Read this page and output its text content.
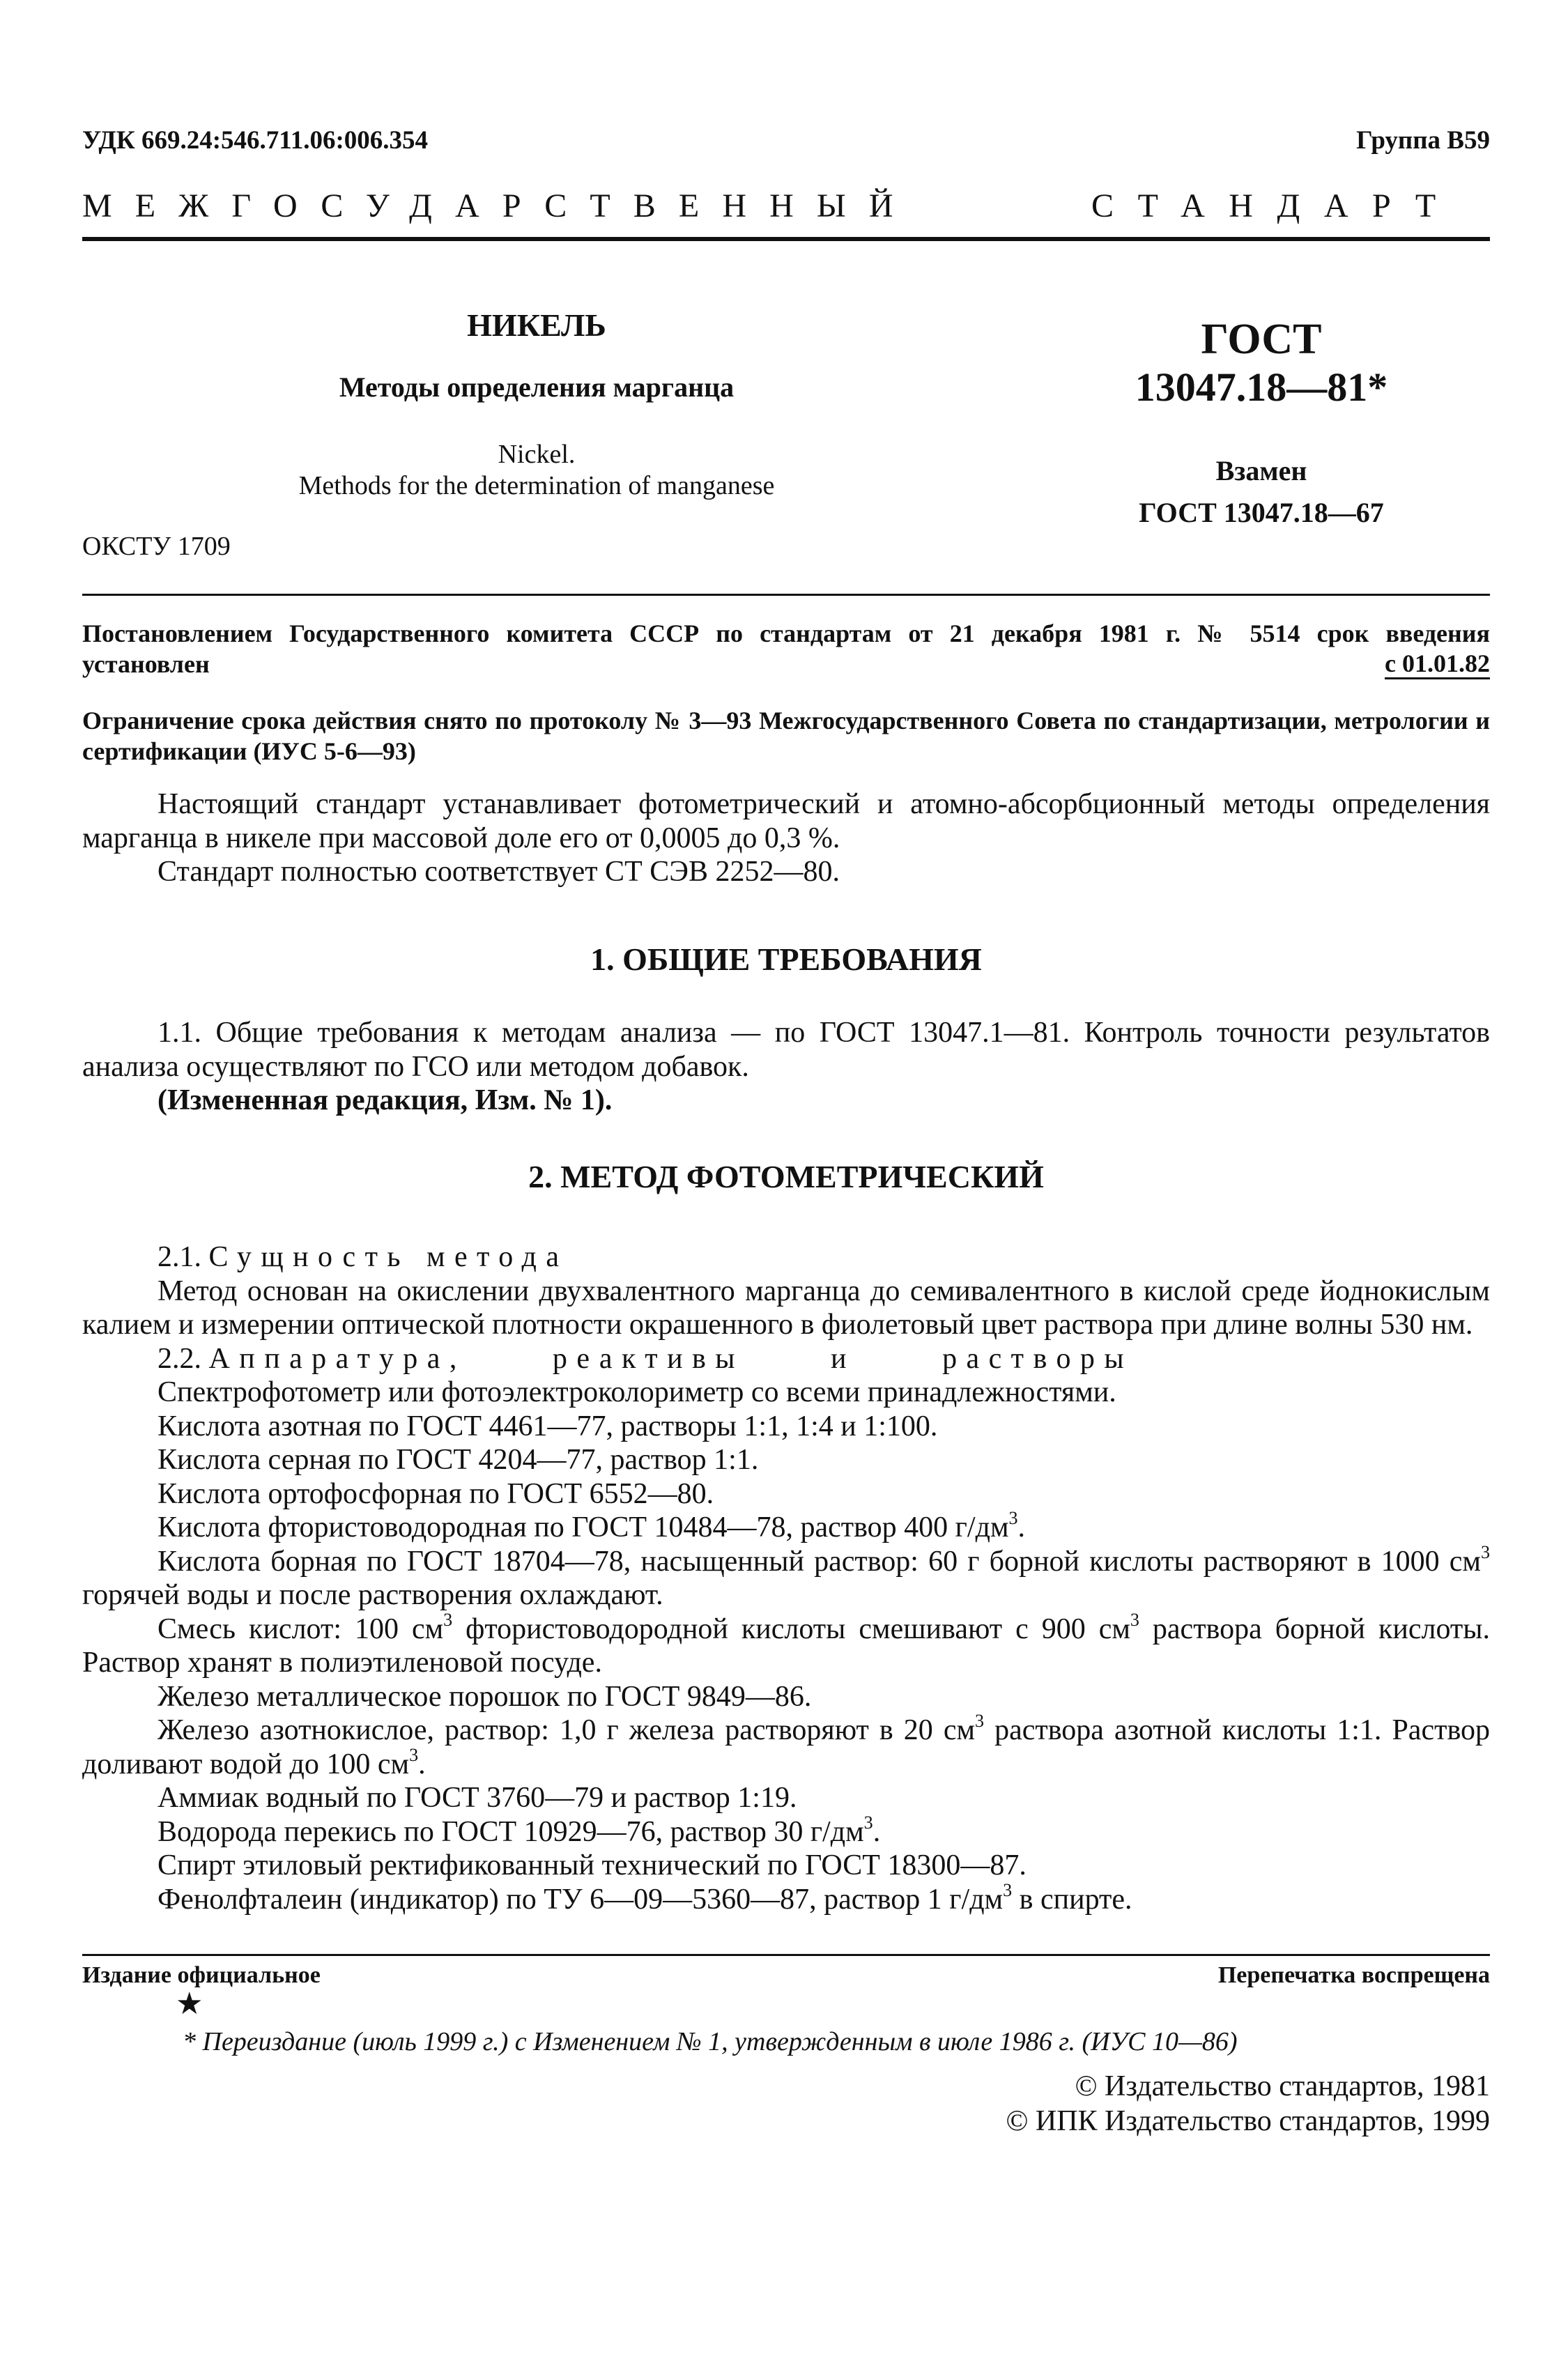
УДК 669.24:546.711.06:006.354	Группа В59
МЕЖГОСУДАРСТВЕННЫЙ	СТАНДАРТ
НИКЕЛЬ
Методы определения марганца
Nickel.
Methods for the determination of manganese
ОКСТУ 1709
ГОСТ
13047.18—81*
Взамен
ГОСТ 13047.18—67
Постановлением Государственного комитета СССР по стандартам от 21 декабря 1981 г. № 5514 срок введения
установлен	с 01.01.82
Ограничение срока действия снято по протоколу № 3—93 Межгосударственного Совета по стандартизации, метрологии и сертификации (ИУС 5-6—93)

Настоящий стандарт устанавливает фотометрический и атомно-абсорбционный методы определения марганца в никеле при массовой доле его от 0,0005 до 0,3 %.

Стандарт полностью соответствует СТ СЭВ 2252—80.

1. ОБЩИЕ ТРЕБОВАНИЯ

1.1. Общие требования к методам анализа — по ГОСТ 13047.1—81. Контроль точности результатов анализа осуществляют по ГСО или методом добавок.

(Измененная редакция, Изм. № 1).

2. МЕТОД ФОТОМЕТРИЧЕСКИЙ

2.1. Сущность метода

Метод основан на окислении двухвалентного марганца до семивалентного в кислой среде йоднокислым калием и измерении оптической плотности окрашенного в фиолетовый цвет раствора при длине волны 530 нм.

2.2. Аппаратура,	реактивы	и	растворы

Спектрофотометр или фотоэлектроколориметр со всеми принадлежностями.

Кислота азотная по ГОСТ 4461—77, растворы 1:1, 1:4 и 1:100.

Кислота серная по ГОСТ 4204—77, раствор 1:1.

Кислота ортофосфорная по ГОСТ 6552—80.

Кислота фтористоводородная по ГОСТ 10484—78, раствор 400 $г/дм^3$.

Кислота борная по ГОСТ 18704—78, насыщенный раствор: 60 г борной кислоты растворяют в 1000 $см^3$ горячей воды и после растворения охлаждают.

Смесь кислот: 100 $см^3$ фтористоводородной кислоты смешивают с 900 $см^3$ раствора борной кислоты. Раствор хранят в полиэтиленовой посуде.

Железо металлическое порошок по ГОСТ 9849—86.

Железо азотнокислое, раствор: 1,0 г железа растворяют в 20 $см^3$ раствора азотной кислоты 1:1. Раствор доливают водой до 100 $см^3$.

Аммиак водный по ГОСТ 3760—79 и раствор 1:19.

Водорода перекись по ГОСТ 10929—76, раствор 30 $г/дм^3$.

Спирт этиловый ректификованный технический по ГОСТ 18300—87.

Фенолфталеин (индикатор) по ТУ 6—09—5360—87, раствор 1 $г/дм^3$ в спирте.

Издание официальное	Перепечатка воспрещена
★
* Переиздание (июль 1999 г.) с Изменением № 1, утвержденным в июле 1986 г. (ИУС 10—86)
© Издательство стандартов, 1981
© ИПК Издательство стандартов, 1999
